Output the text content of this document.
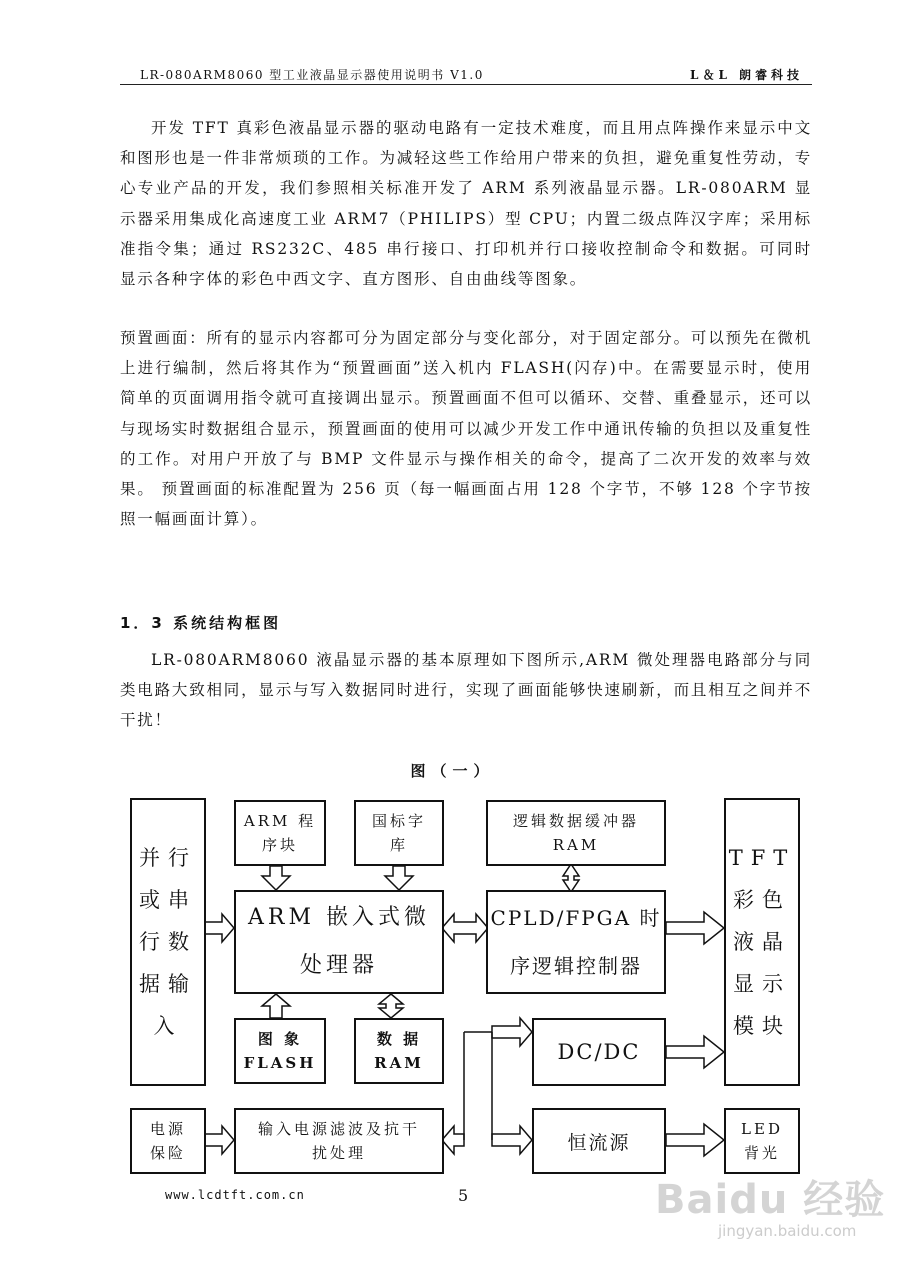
LR-080ARM8060 型工业液晶显示器使用说明书 V1.0	L＆L 朗睿科技
开发 TFT 真彩色液晶显示器的驱动电路有一定技术难度，而且用点阵操作来显示中文和图形也是一件非常烦琐的工作。为减轻这些工作给用户带来的负担，避免重复性劳动，专心专业产品的开发，我们参照相关标准开发了 ARM 系列液晶显示器。LR-080ARM 显示器采用集成化高速度工业 ARM7（PHILIPS）型 CPU；内置二级点阵汉字库；采用标准指令集；通过 RS232C、485 串行接口、打印机并行口接收控制命令和数据。可同时显示各种字体的彩色中西文字、直方图形、自由曲线等图象。
预置画面：所有的显示内容都可分为固定部分与变化部分，对于固定部分。可以预先在微机上进行编制，然后将其作为“预置画面”送入机内 FLASH(闪存)中。在需要显示时，使用简单的页面调用指令就可直接调出显示。预置画面不但可以循环、交替、重叠显示，还可以与现场实时数据组合显示，预置画面的使用可以减少开发工作中通讯传输的负担以及重复性的工作。对用户开放了与 BMP 文件显示与操作相关的命令，提高了二次开发的效率与效果。 预置画面的标准配置为 256 页（每一幅画面占用 128 个字节，不够 128 个字节按照一幅画面计算）。
1．3 系统结构框图
LR-080ARM8060 液晶显示器的基本原理如下图所示,ARM 微处理器电路部分与同类电路大致相同，显示与写入数据同时进行，实现了画面能够快速刷新，而且相互之间并不干扰！
图（一）
并行
或串
行数
据输
入
ARM 程
序块
国标字
库
逻辑数据缓冲器
RAM
TFT
彩色
液晶
显示
模块
ARM 嵌入式微
处理器
CPLD/FPGA 时
序逻辑控制器
图 象
FLASH
数 据
RAM	DC/DC
电源
保险
输入电源滤波及抗干
扰处理	恒流源
LED
背光
www.lcdtft.com.cn	5	Baidu 经验
jingyan.baidu.com
